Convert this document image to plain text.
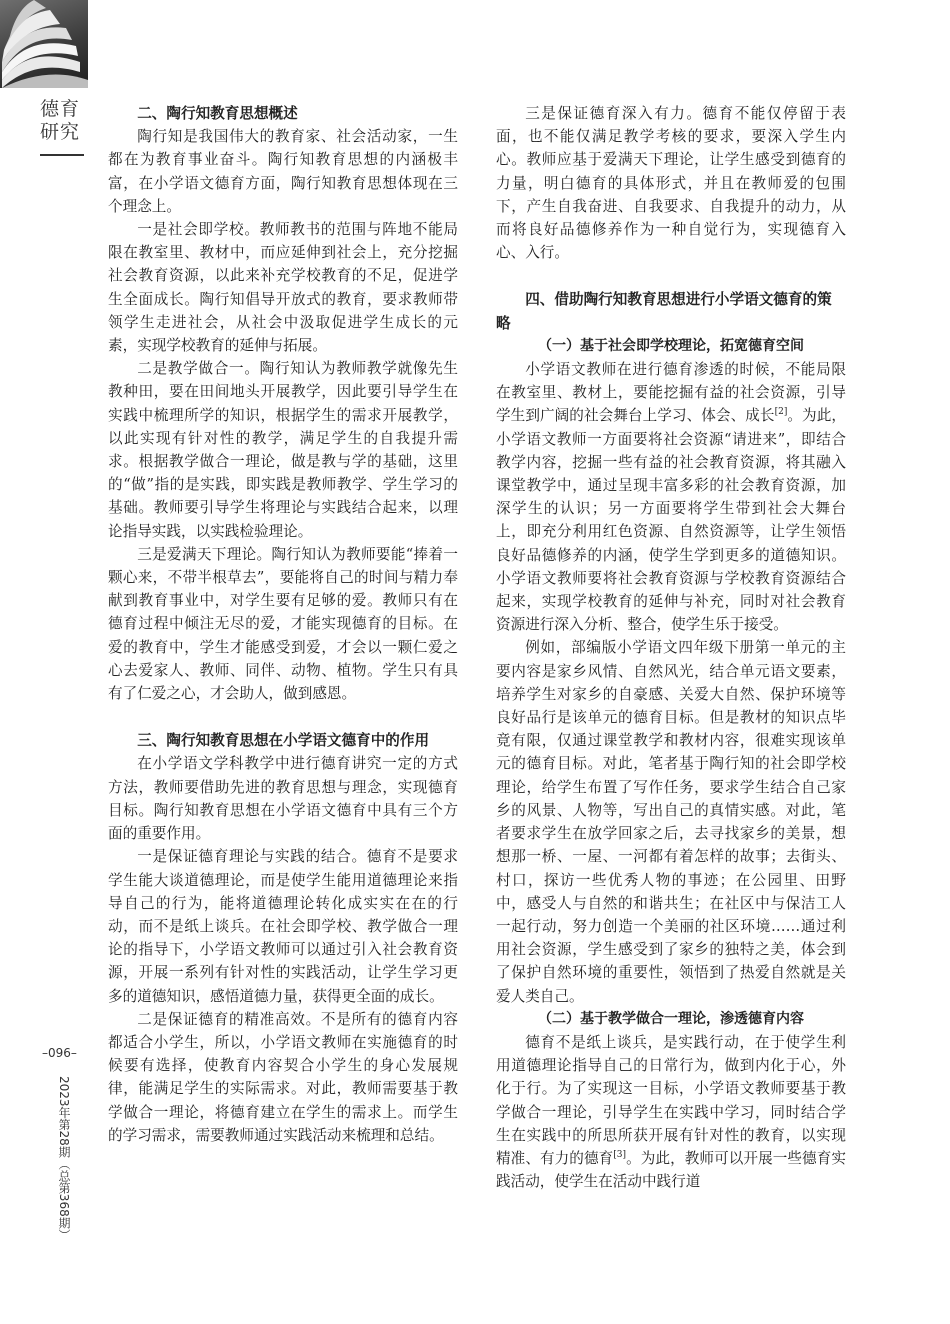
德育研究
–096–
2023年第28期（总第368期）
二、陶行知教育思想概述

陶行知是我国伟大的教育家、社会活动家，一生都在为教育事业奋斗。陶行知教育思想的内涵极丰富，在小学语文德育方面，陶行知教育思想体现在三个理念上。

一是社会即学校。教师教书的范围与阵地不能局限在教室里、教材中，而应延伸到社会上，充分挖掘社会教育资源，以此来补充学校教育的不足，促进学生全面成长。陶行知倡导开放式的教育，要求教师带领学生走进社会，从社会中汲取促进学生成长的元素，实现学校教育的延伸与拓展。

二是教学做合一。陶行知认为教师教学就像先生教种田，要在田间地头开展教学，因此要引导学生在实践中梳理所学的知识，根据学生的需求开展教学，以此实现有针对性的教学，满足学生的自我提升需求。根据教学做合一理论，做是教与学的基础，这里的“做”指的是实践，即实践是教师教学、学生学习的基础。教师要引导学生将理论与实践结合起来，以理论指导实践，以实践检验理论。

三是爱满天下理论。陶行知认为教师要能“捧着一颗心来，不带半根草去”，要能将自己的时间与精力奉献到教育事业中，对学生要有足够的爱。教师只有在德育过程中倾注无尽的爱，才能实现德育的目标。在爱的教育中，学生才能感受到爱，才会以一颗仁爱之心去爱家人、教师、同伴、动物、植物。学生只有具有了仁爱之心，才会助人，做到感恩。

三、陶行知教育思想在小学语文德育中的作用

在小学语文学科教学中进行德育讲究一定的方式方法，教师要借助先进的教育思想与理念，实现德育目标。陶行知教育思想在小学语文德育中具有三个方面的重要作用。

一是保证德育理论与实践的结合。德育不是要求学生能大谈道德理论，而是使学生能用道德理论来指导自己的行为，能将道德理论转化成实实在在的行动，而不是纸上谈兵。在社会即学校、教学做合一理论的指导下，小学语文教师可以通过引入社会教育资源，开展一系列有针对性的实践活动，让学生学习更多的道德知识，感悟道德力量，获得更全面的成长。

二是保证德育的精准高效。不是所有的德育内容都适合小学生，所以，小学语文教师在实施德育的时候要有选择，使教育内容契合小学生的身心发展规律，能满足学生的实际需求。对此，教师需要基于教学做合一理论，将德育建立在学生的需求上。而学生的学习需求，需要教师通过实践活动来梳理和总结。

三是保证德育深入有力。德育不能仅停留于表面，也不能仅满足教学考核的要求，要深入学生内心。教师应基于爱满天下理论，让学生感受到德育的力量，明白德育的具体形式，并且在教师爱的包围下，产生自我奋进、自我要求、自我提升的动力，从而将良好品德修养作为一种自觉行为，实现德育入心、入行。

四、借助陶行知教育思想进行小学语文德育的策略
（一）基于社会即学校理论，拓宽德育空间

小学语文教师在进行德育渗透的时候，不能局限在教室里、教材上，要能挖掘有益的社会资源，引导学生到广阔的社会舞台上学习、体会、成长[2]。为此，小学语文教师一方面要将社会资源“请进来”，即结合教学内容，挖掘一些有益的社会教育资源，将其融入课堂教学中，通过呈现丰富多彩的社会教育资源，加深学生的认识；另一方面要将学生带到社会大舞台上，即充分利用红色资源、自然资源等，让学生领悟良好品德修养的内涵，使学生学到更多的道德知识。小学语文教师要将社会教育资源与学校教育资源结合起来，实现学校教育的延伸与补充，同时对社会教育资源进行深入分析、整合，使学生乐于接受。

例如，部编版小学语文四年级下册第一单元的主要内容是家乡风情、自然风光，结合单元语文要素，培养学生对家乡的自豪感、关爱大自然、保护环境等良好品行是该单元的德育目标。但是教材的知识点毕竟有限，仅通过课堂教学和教材内容，很难实现该单元的德育目标。对此，笔者基于陶行知的社会即学校理论，给学生布置了写作任务，要求学生结合自己家乡的风景、人物等，写出自己的真情实感。对此，笔者要求学生在放学回家之后，去寻找家乡的美景，想想那一桥、一屋、一河都有着怎样的故事；去街头、村口，探访一些优秀人物的事迹；在公园里、田野中，感受人与自然的和谐共生；在社区中与保洁工人一起行动，努力创造一个美丽的社区环境……通过利用社会资源，学生感受到了家乡的独特之美，体会到了保护自然环境的重要性，领悟到了热爱自然就是关爱人类自己。

（二）基于教学做合一理论，渗透德育内容

德育不是纸上谈兵，是实践行动，在于使学生利用道德理论指导自己的日常行为，做到内化于心，外化于行。为了实现这一目标，小学语文教师要基于教学做合一理论，引导学生在实践中学习，同时结合学生在实践中的所思所获开展有针对性的教育，以实现精准、有力的德育[3]。为此，教师可以开展一些德育实践活动，使学生在活动中践行道
